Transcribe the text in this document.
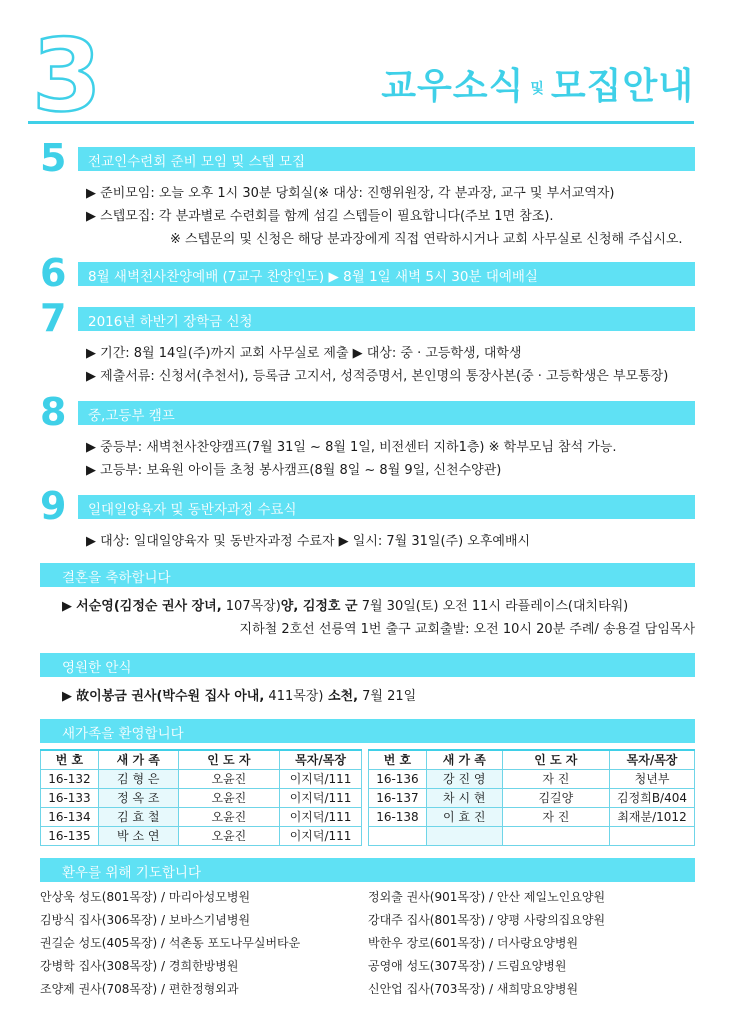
3	교우소식 및 모집안내
5	전교인수련회 준비 모임 및 스텝 모집
▶ 준비모임: 오늘 오후 1시 30분 당회실(※ 대상: 진행위원장, 각 분과장, 교구 및 부서교역자)
▶ 스텝모집: 각 분과별로 수련회를 함께 섬길 스텝들이 필요합니다(주보 1면 참조).
※ 스텝문의 및 신청은 해당 분과장에게 직접 연락하시거나 교회 사무실로 신청해 주십시오.
6	8월 새벽천사찬양예배 (7교구 찬양인도) ▶ 8월 1일 새벽 5시 30분 대예배실
7	2016년 하반기 장학금 신청
▶ 기간: 8월 14일(주)까지 교회 사무실로 제출 ▶ 대상: 중 · 고등학생, 대학생
▶ 제출서류: 신청서(추천서), 등록금 고지서, 성적증명서, 본인명의 통장사본(중 · 고등학생은 부모통장)
8	중,고등부 캠프
▶ 중등부: 새벽천사찬양캠프(7월 31일 ~ 8월 1일, 비전센터 지하1층) ※ 학부모님 참석 가능.
▶ 고등부: 보육원 아이들 초청 봉사캠프(8월 8일 ~ 8월 9일, 신천수양관)
9	일대일양육자 및 동반자과정 수료식
▶ 대상: 일대일양육자 및 동반자과정 수료자 ▶ 일시: 7월 31일(주) 오후예배시
결혼을 축하합니다
▶ 서순영(김정순 권사 장녀, 107목장)양, 김정호 군 7월 30일(토) 오전 11시 라플레이스(대치타워)
지하철 2호선 선릉역 1번 출구 교회출발: 오전 10시 20분 주례/ 송용걸 담임목사
영원한 안식
▶ 故이봉금 권사(박수원 집사 아내, 411목장) 소천, 7월 21일
새가족을 환영합니다
번 호	새 가 족	인 도 자	목자/목장
16-132	김 형 은	오윤진	이지덕/111
16-133	정 옥 조	오윤진	이지덕/111
16-134	김 효 철	오윤진	이지덕/111
16-135	박 소 연	오윤진	이지덕/111
번 호	새 가 족	인 도 자	목자/목장
16-136	강 진 영	자 진	청년부
16-137	차 시 현	김길양	김정희B/404
16-138	이 효 진	자 진	최재분/1012

환우를 위해 기도합니다
안상욱 성도(801목장) / 마리아성모병원
김방식 집사(306목장) / 보바스기념병원
권길순 성도(405목장) / 석촌동 포도나무실버타운
강병학 집사(308목장) / 경희한방병원
조양제 권사(708목장) / 편한정형외과
정외출 권사(901목장) / 안산 제일노인요양원
강대주 집사(801목장) / 양평 사랑의집요양원
박한우 장로(601목장) / 더사랑요양병원
공영애 성도(307목장) / 드림요양병원
신안업 집사(703목장) / 새희망요양병원
